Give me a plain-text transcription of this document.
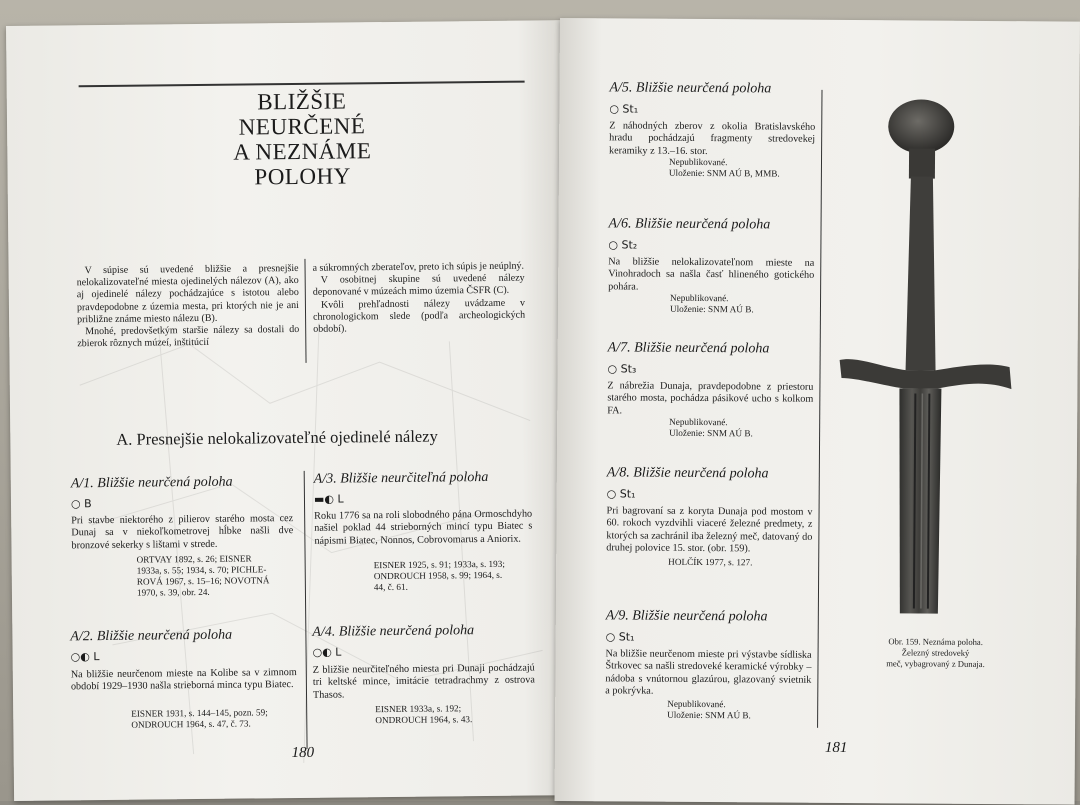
BLIŽŠIE
NEURČENÉ
A NEZNÁME
POLOHY

V súpise sú uvedené bližšie a presnejšie nelokalizovateľné miesta ojedinelých nálezov (A), ako aj ojedinelé nálezy pochádzajúce s istotou alebo pravdepodobne z územia mesta, pri ktorých nie je ani približne známe miesto nálezu (B).

Mnohé, predovšetkým staršie nálezy sa dostali do zbierok rôznych múzeí, inštitúcií

a súkromných zberateľov, preto ich súpis je neúplný.

V osobitnej skupine sú uvedené nálezy deponované v múzeách mimo územia ČSFR (C).

Kvôli prehľadnosti nálezy uvádzame v chronologickom slede (podľa archeologických období).

A. Presnejšie nelokalizovateľné ojedinelé nálezy
A/1. Bližšie neurčená poloha
○ B
Pri stavbe niektorého z pilierov starého mosta cez Dunaj sa v niekoľkometrovej hĺbke našli dve bronzové sekerky s lištami v strede.
ORTVAY 1892, s. 26; EISNER
1933a, s. 55; 1934, s. 70; PICHLE-
ROVÁ 1967, s. 15–16; NOVOTNÁ
1970, s. 39, obr. 24.
A/2. Bližšie neurčená poloha
○◐ L
Na bližšie neurčenom mieste na Kolibe sa v zimnom období 1929–1930 našla strieborná minca typu Biatec.
EISNER 1931, s. 144–145, pozn. 59;
ONDROUCH 1964, s. 47, č. 73.
A/3. Bližšie neurčiteľná poloha
▬◐ L
Roku 1776 sa na roli slobodného pána Ormoschdyho našiel poklad 44 strieborných mincí typu Biatec s nápismi Biatec, Nonnos, Cobrovomarus a Aniorix.
EISNER 1925, s. 91; 1933a, s. 193;
ONDROUCH 1958, s. 99; 1964, s.
44, č. 61.
A/4. Bližšie neurčená poloha
○◐ L
Z bližšie neurčiteľného miesta pri Dunaji pochádzajú tri keltské mince, imitácie tetradrachmy z ostrova Thasos.
EISNER 1933a, s. 192;
ONDROUCH 1964, s. 43.
180
A/5. Bližšie neurčená poloha
○ St₁
Z náhodných zberov z okolia Bratislavského hradu pochádzajú fragmenty stredovekej keramiky z 13.–16. stor.
Nepublikované.
Uloženie: SNM AÚ B, MMB.
A/6. Bližšie neurčená poloha
○ St₂
Na bližšie nelokalizovateľnom mieste na Vinohradoch sa našla časť hlineného gotického pohára.
Nepublikované.
Uloženie: SNM AÚ B.
A/7. Bližšie neurčená poloha
○ St₃
Z nábrežia Dunaja, pravdepodobne z priestoru starého mosta, pochádza pásikové ucho s kolkom FA.
Nepublikované.
Uloženie: SNM AÚ B.
A/8. Bližšie neurčená poloha
○ St₁
Pri bagrovaní sa z koryta Dunaja pod mostom v 60. rokoch vyzdvihli viaceré železné predmety, z ktorých sa zachránil iba železný meč, datovaný do druhej polovice 15. stor. (obr. 159).
HOLČÍK 1977, s. 127.
A/9. Bližšie neurčená poloha
○ St₁
Na bližšie neurčenom mieste pri výstavbe sídliska Štrkovec sa našli stredoveké keramické výrobky – nádoba s vnútornou glazúrou, glazovaný svietnik a pokrývka.
Nepublikované.
Uloženie: SNM AÚ B.
Obr. 159. Neznáma poloha.
Železný stredoveký
meč, vybagrovaný z Dunaja.
181
